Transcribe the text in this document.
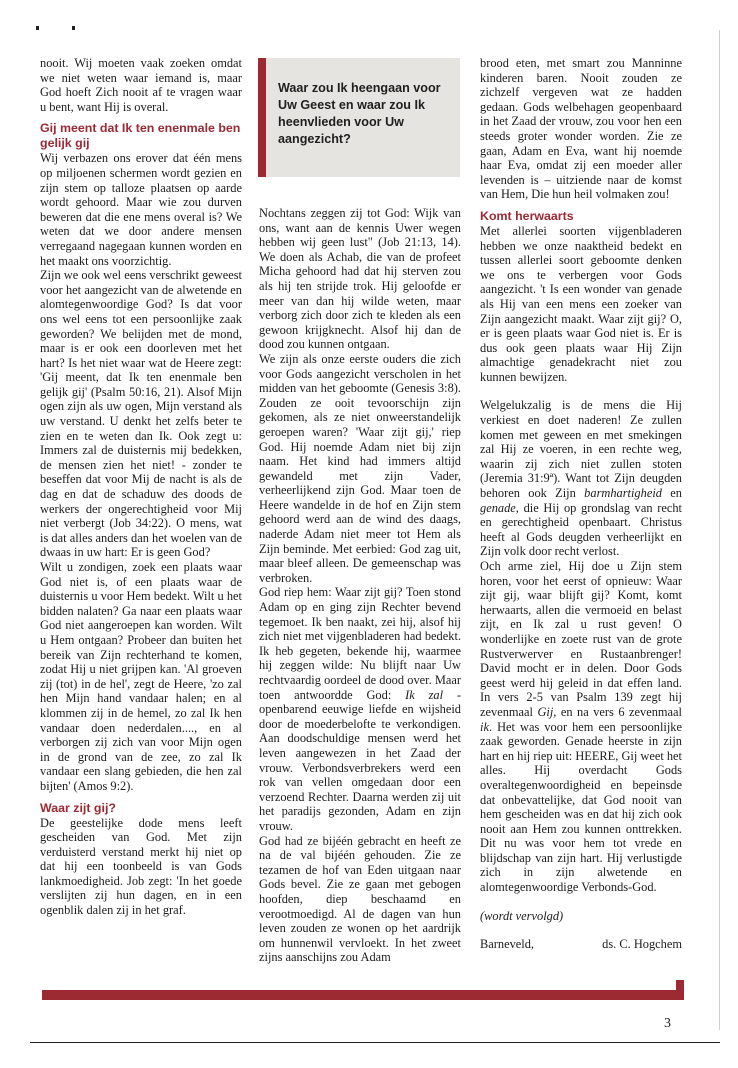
nooit. Wij moeten vaak zoeken omdat we niet weten waar iemand is, maar God hoeft Zich nooit af te vragen waar u bent, want Hij is overal.

Gij meent dat Ik ten enenmale ben gelijk gij

Wij verbazen ons erover dat één mens op miljoenen schermen wordt gezien en zijn stem op talloze plaatsen op aarde wordt gehoord. Maar wie zou durven beweren dat die ene mens overal is? We weten dat we door andere mensen verregaand nagegaan kunnen worden en het maakt ons voorzichtig.

Zijn we ook wel eens verschrikt geweest voor het aangezicht van de alwetende en alomtegenwoordige God? Is dat voor ons wel eens tot een persoonlijke zaak geworden? We belijden met de mond, maar is er ook een doorleven met het hart? Is het niet waar wat de Heere zegt: 'Gij meent, dat Ik ten enenmale ben gelijk gij' (Psalm 50:16, 21). Alsof Mijn ogen zijn als uw ogen, Mijn verstand als uw verstand. U denkt het zelfs beter te zien en te weten dan Ik. Ook zegt u: Immers zal de duisternis mij bedekken, de mensen zien het niet! - zonder te beseffen dat voor Mij de nacht is als de dag en dat de schaduw des doods de werkers der ongerechtigheid voor Mij niet verbergt (Job 34:22). O mens, wat is dat alles anders dan het woelen van de dwaas in uw hart: Er is geen God?

Wilt u zondigen, zoek een plaats waar God niet is, of een plaats waar de duisternis u voor Hem bedekt. Wilt u het bidden nalaten? Ga naar een plaats waar God niet aangeroepen kan worden. Wilt u Hem ontgaan? Probeer dan buiten het bereik van Zijn rechterhand te komen, zodat Hij u niet grijpen kan. 'Al groeven zij (tot) in de hel', zegt de Heere, 'zo zal hen Mijn hand vandaar halen; en al klommen zij in de hemel, zo zal Ik hen vandaar doen nederdalen...., en al verborgen zij zich van voor Mijn ogen in de grond van de zee, zo zal Ik vandaar een slang gebieden, die hen zal bijten' (Amos 9:2).

Waar zijt gij?

De geestelijke dode mens leeft gescheiden van God. Met zijn verduisterd verstand merkt hij niet op dat hij een toonbeeld is van Gods lankmoedigheid. Job zegt: 'In het goede verslijten zij hun dagen, en in een ogenblik dalen zij in het graf.

Waar zou Ik heengaan voor Uw Geest en waar zou Ik heenvlieden voor Uw aangezicht?

Nochtans zeggen zij tot God: Wijk van ons, want aan de kennis Uwer wegen hebben wij geen lust" (Job 21:13, 14). We doen als Achab, die van de profeet Micha gehoord had dat hij sterven zou als hij ten strijde trok. Hij geloofde er meer van dan hij wilde weten, maar verborg zich door zich te kleden als een gewoon krijgknecht. Alsof hij dan de dood zou kunnen ontgaan.

We zijn als onze eerste ouders die zich voor Gods aangezicht verscholen in het midden van het geboomte (Genesis 3:8). Zouden ze ooit tevoorschijn zijn gekomen, als ze niet onweerstandelijk geroepen waren? 'Waar zijt gij,' riep God. Hij noemde Adam niet bij zijn naam. Het kind had immers altijd gewandeld met zijn Vader, verheerlijkend zijn God. Maar toen de Heere wandelde in de hof en Zijn stem gehoord werd aan de wind des daags, naderde Adam niet meer tot Hem als Zijn beminde. Met eerbied: God zag uit, maar bleef alleen. De gemeenschap was verbroken.

God riep hem: Waar zijt gij? Toen stond Adam op en ging zijn Rechter bevend tegemoet. Ik ben naakt, zei hij, alsof hij zich niet met vijgenbladeren had bedekt. Ik heb gegeten, bekende hij, waarmee hij zeggen wilde: Nu blijft naar Uw rechtvaardig oordeel de dood over. Maar toen antwoordde God: Ik zal - openbarend eeuwige liefde en wijsheid door de moederbelofte te verkondigen. Aan doodschuldige mensen werd het leven aangewezen in het Zaad der vrouw. Verbondsverbrekers werd een rok van vellen omgedaan door een verzoend Rechter. Daarna werden zij uit het paradijs gezonden, Adam en zijn vrouw.

God had ze bijéén gebracht en heeft ze na de val bijéén gehouden. Zie ze tezamen de hof van Eden uitgaan naar Gods bevel. Zie ze gaan met gebogen hoofden, diep beschaamd en verootmoedigd. Al de dagen van hun leven zouden ze wonen op het aardrijk om hunnenwil vervloekt. In het zweet zijns aanschijns zou Adam

brood eten, met smart zou Manninne kinderen baren. Nooit zouden ze zichzelf vergeven wat ze hadden gedaan. Gods welbehagen geopenbaard in het Zaad der vrouw, zou voor hen een steeds groter wonder worden. Zie ze gaan, Adam en Eva, want hij noemde haar Eva, omdat zij een moeder aller levenden is – uitziende naar de komst van Hem, Die hun heil volmaken zou!

Komt herwaarts

Met allerlei soorten vijgenbladeren hebben we onze naaktheid bedekt en tussen allerlei soort geboomte denken we ons te verbergen voor Gods aangezicht. 't Is een wonder van genade als Hij van een mens een zoeker van Zijn aangezicht maakt. Waar zijt gij? O, er is geen plaats waar God niet is. Er is dus ook geen plaats waar Hij Zijn almachtige genadekracht niet zou kunnen bewijzen.

Welgelukzalig is de mens die Hij verkiest en doet naderen! Ze zullen komen met geween en met smekingen zal Hij ze voeren, in een rechte weg, waarin zij zich niet zullen stoten (Jeremia 31:9ª). Want tot Zijn deugden behoren ook Zijn barmhartigheid en genade, die Hij op grondslag van recht en gerechtigheid openbaart. Christus heeft al Gods deugden verheerlijkt en Zijn volk door recht verlost.

Och arme ziel, Hij doe u Zijn stem horen, voor het eerst of opnieuw: Waar zijt gij, waar blijft gij? Komt, komt herwaarts, allen die vermoeid en belast zijt, en Ik zal u rust geven! O wonderlijke en zoete rust van de grote Rustverwerver en Rustaanbrenger! David mocht er in delen. Door Gods geest werd hij geleid in dat effen land. In vers 2-5 van Psalm 139 zegt hij zevenmaal Gij, en na vers 6 zevenmaal ik. Het was voor hem een persoonlijke zaak geworden. Genade heerste in zijn hart en hij riep uit: HEERE, Gij weet het alles. Hij overdacht Gods overaltegenwoordigheid en bepeinsde dat onbevattelijke, dat God nooit van hem gescheiden was en dat hij zich ook nooit aan Hem zou kunnen onttrekken. Dit nu was voor hem tot vrede en blijdschap van zijn hart. Hij verlustigde zich in zijn alwetende en alomtegenwoordige Verbonds-God.

(wordt vervolgd)

Barneveld,	ds. C. Hogchem
3
